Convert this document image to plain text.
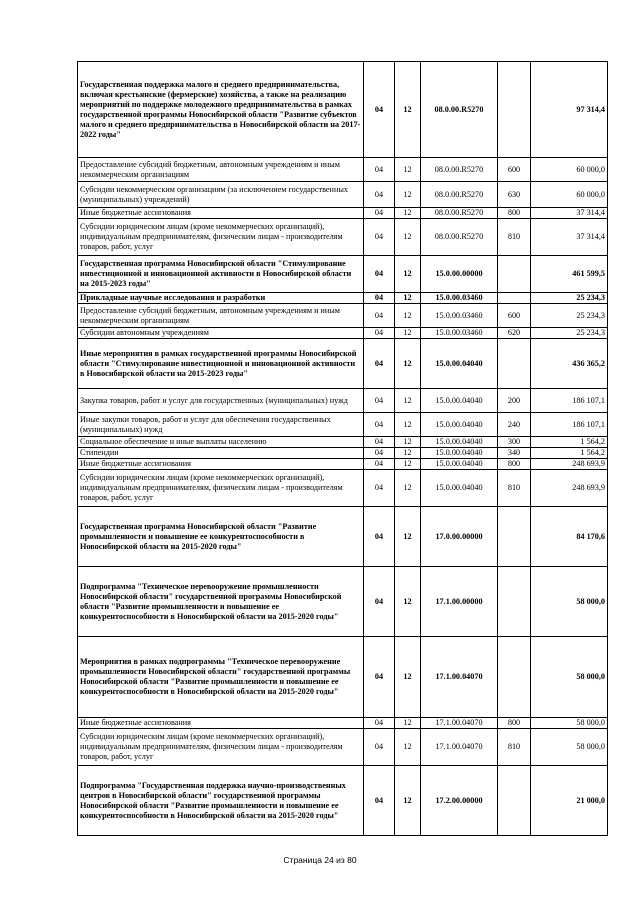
Государственная поддержка малого и среднего предпринимательства, включая крестьянские (фермерские) хозяйства, а также на реализацию мероприятий по поддержке молодежного предпринимательства в рамках государственной программы Новосибирской области "Развитие субъектов малого и среднего предпринимательства в Новосибирской области на 2017-2022 годы"	04	12	08.0.00.R5270		97 314,4
Предоставление субсидий бюджетным, автономным учреждениям и иным некоммерческим организациям	04	12	08.0.00.R5270	600	60 000,0
Субсидии некоммерческим организациям (за исключением государственных (муниципальных) учреждений)	04	12	08.0.00.R5270	630	60 000,0
Иные бюджетные ассигнования	04	12	08.0.00.R5270	800	37 314,4
Субсидии юридическим лицам (кроме некоммерческих организаций), индивидуальным предпринимателям, физическим лицам - производителям товаров, работ, услуг	04	12	08.0.00.R5270	810	37 314,4
Государственная программа Новосибирской области "Стимулирование инвестиционной и инновационной активности в Новосибирской области на 2015-2023 годы"	04	12	15.0.00.00000		461 599,5
Прикладные научные исследования и разработки	04	12	15.0.00.03460		25 234,3
Предоставление субсидий бюджетным, автономным учреждениям и иным некоммерческим организациям	04	12	15.0.00.03460	600	25 234,3
Субсидии автономным учреждениям	04	12	15.0.00.03460	620	25 234,3
Иные мероприятия в рамках государственной программы Новосибирской области "Стимулирование инвестиционной и инновационной активности в Новосибирской области на 2015-2023 годы"	04	12	15.0.00.04040		436 365,2
Закупка товаров, работ и услуг для государственных (муниципальных) нужд	04	12	15.0.00.04040	200	186 107,1
Иные закупки товаров, работ и услуг для обеспечения государственных (муниципальных) нужд	04	12	15.0.00.04040	240	186 107,1
Социальное обеспечение и иные выплаты населению	04	12	15.0.00.04040	300	1 564,2
Стипендии	04	12	15.0.00.04040	340	1 564,2
Иные бюджетные ассигнования	04	12	15.0.00.04040	800	248 693,9
Субсидии юридическим лицам (кроме некоммерческих организаций), индивидуальным предпринимателям, физическим лицам - производителям товаров, работ, услуг	04	12	15.0.00.04040	810	248 693,9
Государственная программа Новосибирской области "Развитие промышленности и повышение ее конкурентоспособности в Новосибирской области на 2015-2020 годы"	04	12	17.0.00.00000		84 170,6
Подпрограмма "Техническое перевооружение промышленности Новосибирской области" государственной программы Новосибирской области "Развитие промышленности и повышение ее конкурентоспособности в Новосибирской области на 2015-2020 годы"	04	12	17.1.00.00000		58 000,0
Мероприятия в рамках подпрограммы "Техническое перевооружение промышленности Новосибирской области" государственной программы Новосибирской области "Развитие промышленности и повышение ее конкурентоспособности в Новосибирской области на 2015-2020 годы"	04	12	17.1.00.04070		58 000,0
Иные бюджетные ассигнования	04	12	17.1.00.04070	800	58 000,0
Субсидии юридическим лицам (кроме некоммерческих организаций), индивидуальным предпринимателям, физическим лицам - производителям товаров, работ, услуг	04	12	17.1.00.04070	810	58 000,0
Подпрограмма "Государственная поддержка научно-производственных центров в Новосибирской области" государственной программы Новосибирской области "Развитие промышленности и повышение ее конкурентоспособности в Новосибирской области на 2015-2020 годы"	04	12	17.2.00.00000		21 000,0
Страница 24 из 80
